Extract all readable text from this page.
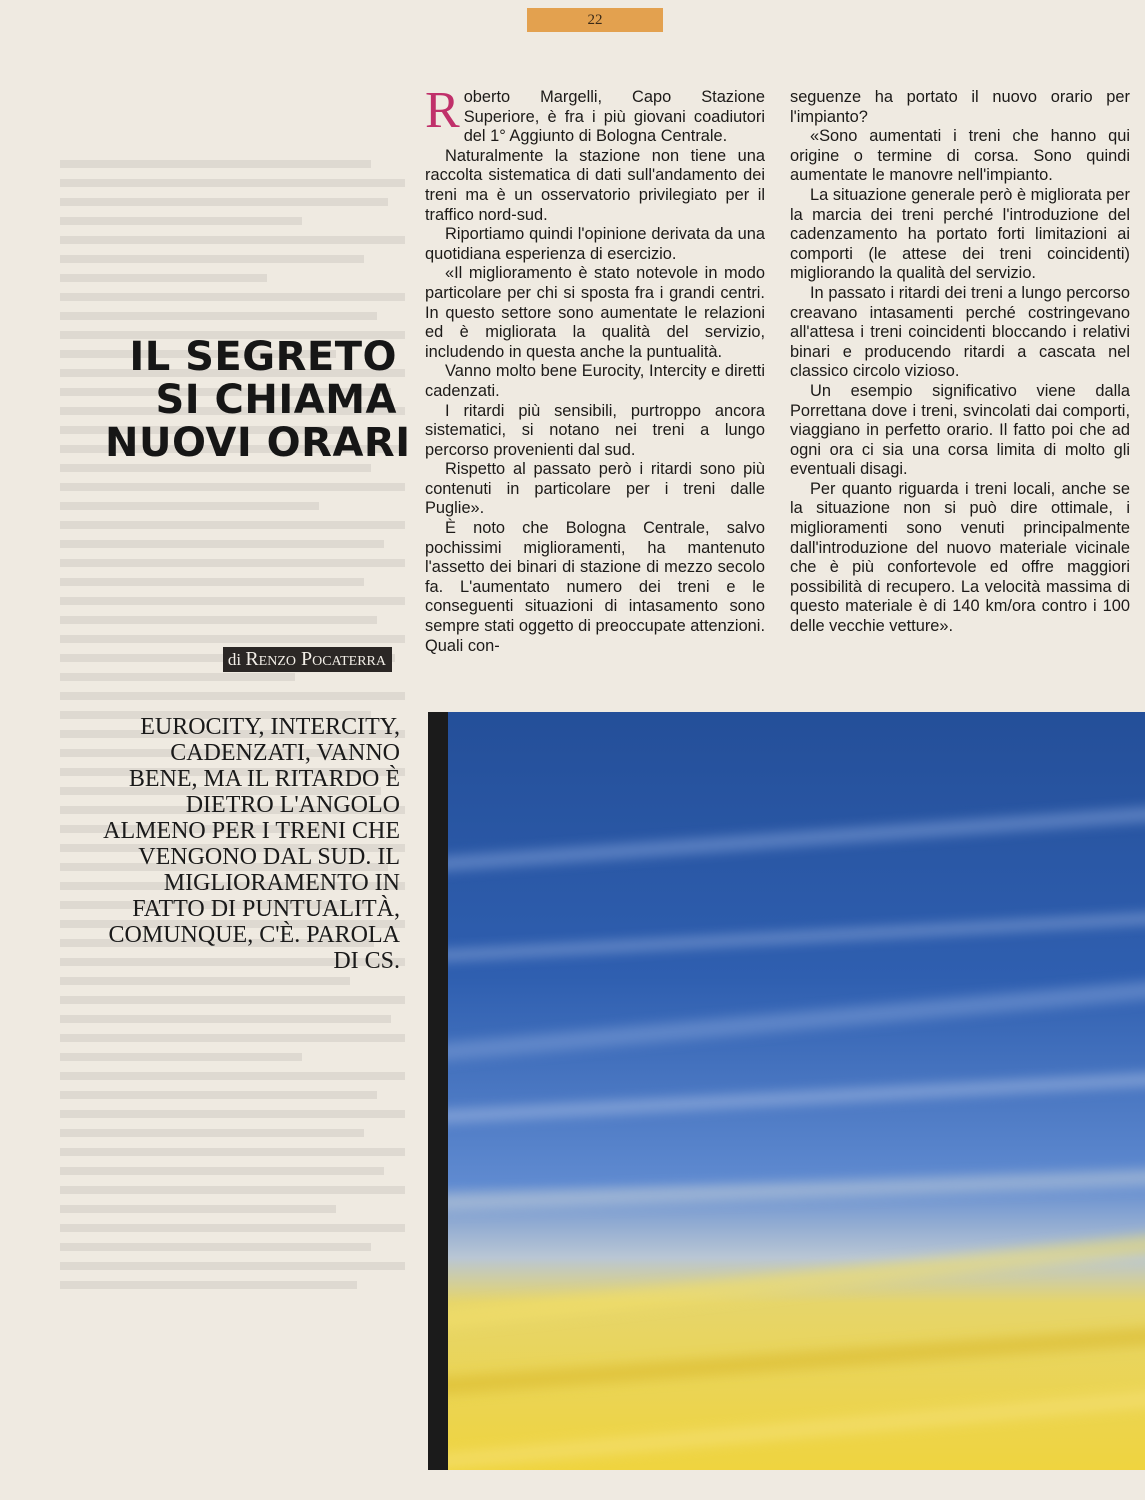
22

IL SEGRETO
SI CHIAMA
NUOVI ORARI
di Renzo Pocaterra
EUROCITY, INTERCITY, CADENZATI, VANNO BENE, MA IL RITARDO È DIETRO L'ANGOLO ALMENO PER I TRENI CHE VENGONO DAL SUD. IL MIGLIORAMENTO IN FATTO DI PUNTUALITÀ, COMUNQUE, C'È. PAROLA DI CS.

Roberto Margelli, Capo Stazione Superiore, è fra i più giovani coadiutori del 1° Aggiunto di Bologna Centrale.

Naturalmente la stazione non tiene una raccolta sistematica di dati sull'andamento dei treni ma è un osservatorio privilegiato per il traffico nord-sud.

Riportiamo quindi l'opinione derivata da una quotidiana esperienza di esercizio.

«Il miglioramento è stato notevole in modo particolare per chi si sposta fra i grandi centri. In questo settore sono aumentate le relazioni ed è migliorata la qualità del servizio, includendo in questa anche la puntualità.

Vanno molto bene Eurocity, Intercity e diretti cadenzati.

I ritardi più sensibili, purtroppo ancora sistematici, si notano nei treni a lungo percorso provenienti dal sud.

Rispetto al passato però i ritardi sono più contenuti in particolare per i treni dalle Puglie».

È noto che Bologna Centrale, salvo pochissimi miglioramenti, ha mantenuto l'assetto dei binari di stazione di mezzo secolo fa. L'aumentato numero dei treni e le conseguenti situazioni di intasamento sono sempre stati oggetto di preoccupate attenzioni. Quali con-

seguenze ha portato il nuovo orario per l'impianto?

«Sono aumentati i treni che hanno qui origine o termine di corsa. Sono quindi aumentate le manovre nell'impianto.

La situazione generale però è migliorata per la marcia dei treni perché l'introduzione del cadenzamento ha portato forti limitazioni ai comporti (le attese dei treni coincidenti) migliorando la qualità del servizio.

In passato i ritardi dei treni a lungo percorso creavano intasamenti perché costringevano all'attesa i treni coincidenti bloccando i relativi binari e producendo ritardi a cascata nel classico circolo vizioso.

Un esempio significativo viene dalla Porrettana dove i treni, svincolati dai comporti, viaggiano in perfetto orario. Il fatto poi che ad ogni ora ci sia una corsa limita di molto gli eventuali disagi.

Per quanto riguarda i treni locali, anche se la situazione non si può dire ottimale, i miglioramenti sono venuti principalmente dall'introduzione del nuovo materiale vicinale che è più confortevole ed offre maggiori possibilità di recupero. La velocità massima di questo materiale è di 140 km/ora contro i 100 delle vecchie vetture».
